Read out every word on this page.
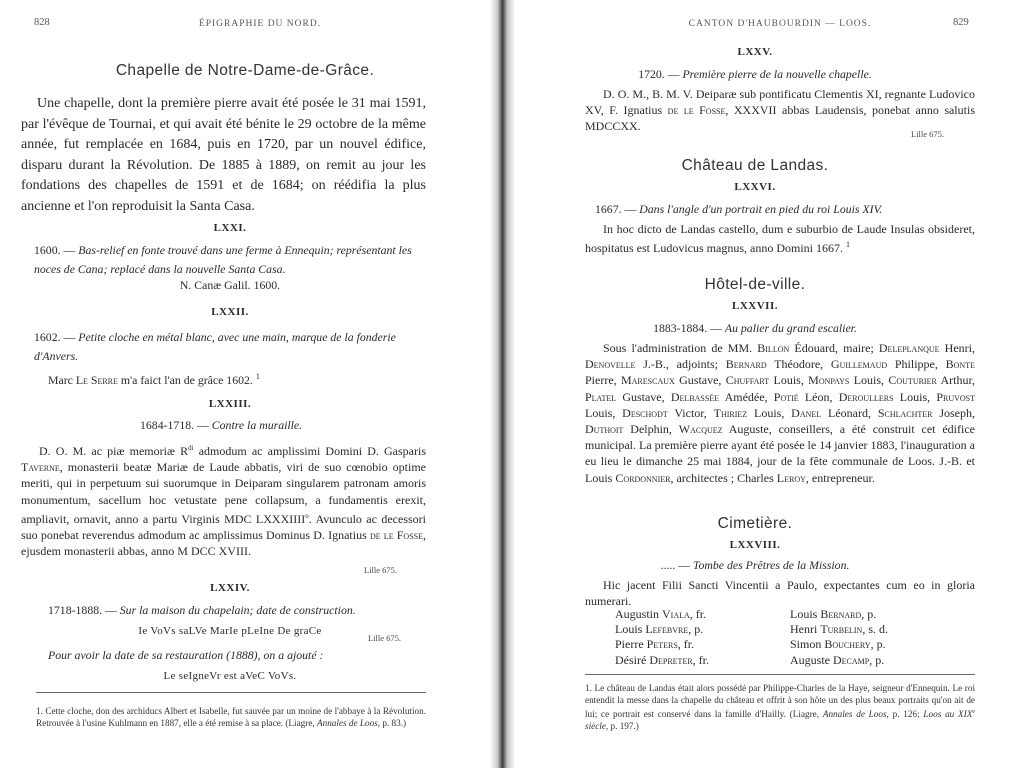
828	ÉPIGRAPHIE DU NORD.
Chapelle de Notre-Dame-de-Grâce.

Une chapelle, dont la première pierre avait été posée le 31 mai 1591, par l'évêque de Tournai, et qui avait été bénite le 29 octobre de la même année, fut remplacée en 1684, puis en 1720, par un nouvel édifice, disparu durant la Révolution. De 1885 à 1889, on remit au jour les fondations des chapelles de 1591 et de 1684; on réédifia la plus ancienne et l'on reproduisit la Santa Casa.

LXXI.

1600. — Bas-relief en fonte trouvé dans une ferme à Ennequin; représentant les noces de Cana; replacé dans la nouvelle Santa Casa.

N. Canæ Galil. 1600.
LXXII.

1602. — Petite cloche en métal blanc, avec une main, marque de la fonderie d'Anvers.

Marc Le Serre m'a faict l'an de grâce 1602. $^1$
LXXIII.

1684-1718. — Contre la muraille.

D. O. M. ac piæ memoriæ $R^{di}$ admodum ac amplissimi Domini D. Gasparis Taverne, monasterii beatæ Mariæ de Laude abbatis, viri de suo cœnobio optime meriti, qui in perpetuum sui suorumque in Deiparam singularem patronam amoris monumentum, sacellum hoc vetustate pene collapsum, a fundamentis erexit, ampliavit, ornavit, anno a partu Virginis MDC LXXXIIII$^o$. Avunculo ac decessori suo ponebat reverendus admodum ac amplissimus Dominus D. Ignatius de le Fosse, ejusdem monasterii abbas, anno M DCC XVIII.

Lille 675.
LXXIV.

1718-1888. — Sur la maison du chapelain; date de construction.

Ie VoVs saLVe MarIe pLeIne De graCe
Lille 675.

Pour avoir la date de sa restauration (1888), on a ajouté :

Le seIgneVr est aVeC VoVs.

1. Cette cloche, don des archiducs Albert et Isabelle, fut sauvée par un moine de l'abbaye à la Révolution. Retrouvée à l'usine Kuhlmann en 1887, elle a été remise à sa place. (Liagre, Annales de Loos, p. 83.)

CANTON D'HAUBOURDIN — LOOS.	829
LXXV.

1720. — Première pierre de la nouvelle chapelle.

D. O. M., B. M. V. Deiparæ sub pontificatu Clementis XI, regnante Ludovico XV, F. Ignatius de le Fosse, XXXVII abbas Laudensis, ponebat anno salutis MDCCXX.

Lille 675.
Château de Landas.
LXXVI.

1667. — Dans l'angle d'un portrait en pied du roi Louis XIV.

In hoc dicto de Landas castello, dum e suburbio de Laude Insulas obsideret, hospitatus est Ludovicus magnus, anno Domini 1667. $^1$

Hôtel-de-ville.
LXXVII.

1883-1884. — Au palier du grand escalier.

Sous l'administration de MM. Billon Édouard, maire; Deleplanque Henri, Denovelle J.-B., adjoints; Bernard Théodore, Guillemaud Philippe, Bonte Pierre, Marescaux Gustave, Chuffart Louis, Monpays Louis, Couturier Arthur, Platel Gustave, Delbassée Amédée, Potié Léon, Deroullers Louis, Pruvost Louis, Deschodt Victor, Thiriez Louis, Danel Léonard, Schlachter Joseph, Duthoit Delphin, Wacquez Auguste, conseillers, a été construit cet édifice municipal. La première pierre ayant été posée le 14 janvier 1883, l'inauguration a eu lieu le dimanche 25 mai 1884, jour de la fête communale de Loos. J.-B. et Louis Cordonnier, architectes ; Charles Leroy, entrepreneur.

Cimetière.
LXXVIII.

..... — Tombe des Prêtres de la Mission.

Hic jacent Filii Sancti Vincentii a Paulo, expectantes cum eo in gloria numerari.

Augustin Viala, fr.
Louis Lefebvre, p.
Pierre Peters, fr.
Désiré Depreter, fr.
Louis Bernard, p.
Henri Turbelin, s. d.
Simon Bouchery, p.
Auguste Decamp, p.

1. Le château de Landas était alors possédé par Philippe-Charles de la Haye, seigneur d'Ennequin. Le roi entendit la messe dans la chapelle du château et offrit à son hôte un des plus beaux portraits qu'on ait de lui; ce portrait est conservé dans la famille d'Hailly. (Liagre, Annales de Loos, p. 126; Loos au XIXe siècle, p. 197.)
